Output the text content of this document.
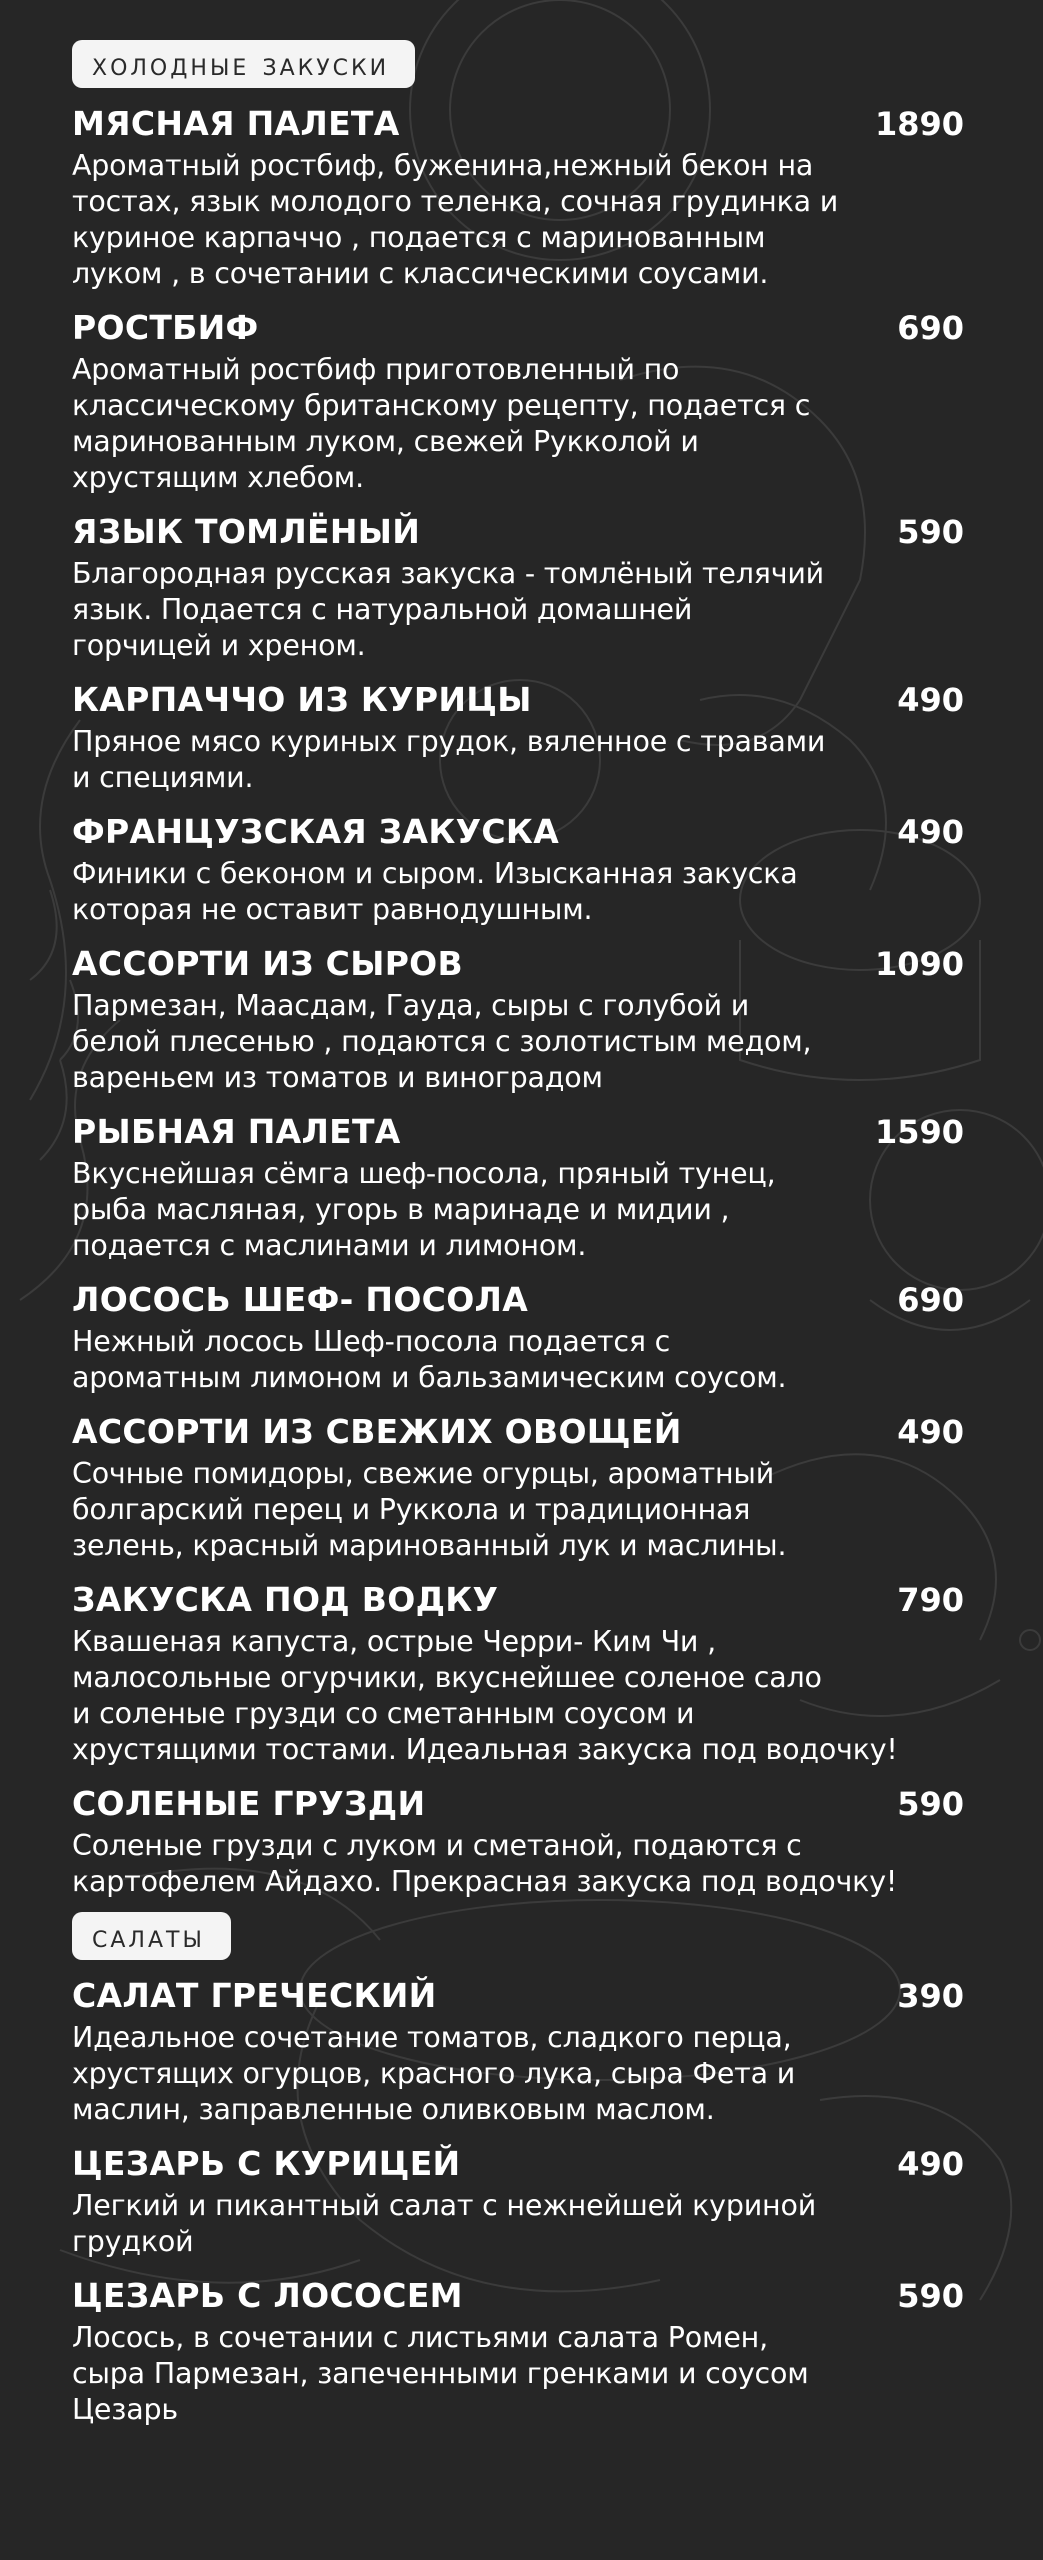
холодные закуски
МЯСНАЯ ПАЛЕТА	1890
Ароматный ростбиф, буженина,нежный бекон на
тостах, язык молодого теленка, сочная грудинка и
куриное карпаччо , подается с маринованным
луком , в сочетании с классическими соусами.
РОСТБИФ	690
Ароматный ростбиф приготовленный по
классическому британскому рецепту, подается с
маринованным луком, свежей Рукколой и
хрустящим хлебом.
ЯЗЫК ТОМЛЁНЫЙ	590
Благородная русская закуска - томлёный телячий
язык. Подается с натуральной домашней
горчицей и хреном.
КАРПАЧЧО ИЗ КУРИЦЫ	490
Пряное мясо куриных грудок, вяленное с травами
и специями.
ФРАНЦУЗСКАЯ ЗАКУСКА	490
Финики с беконом и сыром. Изысканная закуска
которая не оставит равнодушным.
АССОРТИ ИЗ СЫРОВ	1090
Пармезан, Маасдам, Гауда, сыры с голубой и
белой плесенью , подаются с золотистым медом,
вареньем из томатов и виноградом
РЫБНАЯ ПАЛЕТА	1590
Вкуснейшая сёмга шеф-посола, пряный тунец,
рыба масляная, угорь в маринаде и мидии ,
подается с маслинами и лимоном.
ЛОСОСЬ ШЕФ- ПОСОЛА	690
Нежный лосось Шеф-посола подается с
ароматным лимоном и бальзамическим соусом.
АССОРТИ ИЗ СВЕЖИХ ОВОЩЕЙ	490
Сочные помидоры, свежие огурцы, ароматный
болгарский перец и Руккола и традиционная
зелень, красный маринованный лук и маслины.
ЗАКУСКА ПОД ВОДКУ	790
Квашеная капуста, острые Черри- Ким Чи ,
малосольные огурчики, вкуснейшее соленое сало
и соленые грузди со сметанным соусом и
хрустящими тостами. Идеальная закуска под водочку!
СОЛЕНЫЕ ГРУЗДИ	590
Соленые грузди с луком и сметаной, подаются с
картофелем Айдахо. Прекрасная закуска под водочку!
салаты
САЛАТ ГРЕЧЕСКИЙ	390
Идеальное сочетание томатов, сладкого перца,
хрустящих огурцов, красного лука, сыра Фета и
маслин, заправленные оливковым маслом.
ЦЕЗАРЬ С КУРИЦЕЙ	490
Легкий и пикантный салат с нежнейшей куриной
грудкой
ЦЕЗАРЬ С ЛОСОСЕМ	590
Лосось, в сочетании с листьями салата Ромен,
сыра Пармезан, запеченными гренками и соусом
Цезарь
